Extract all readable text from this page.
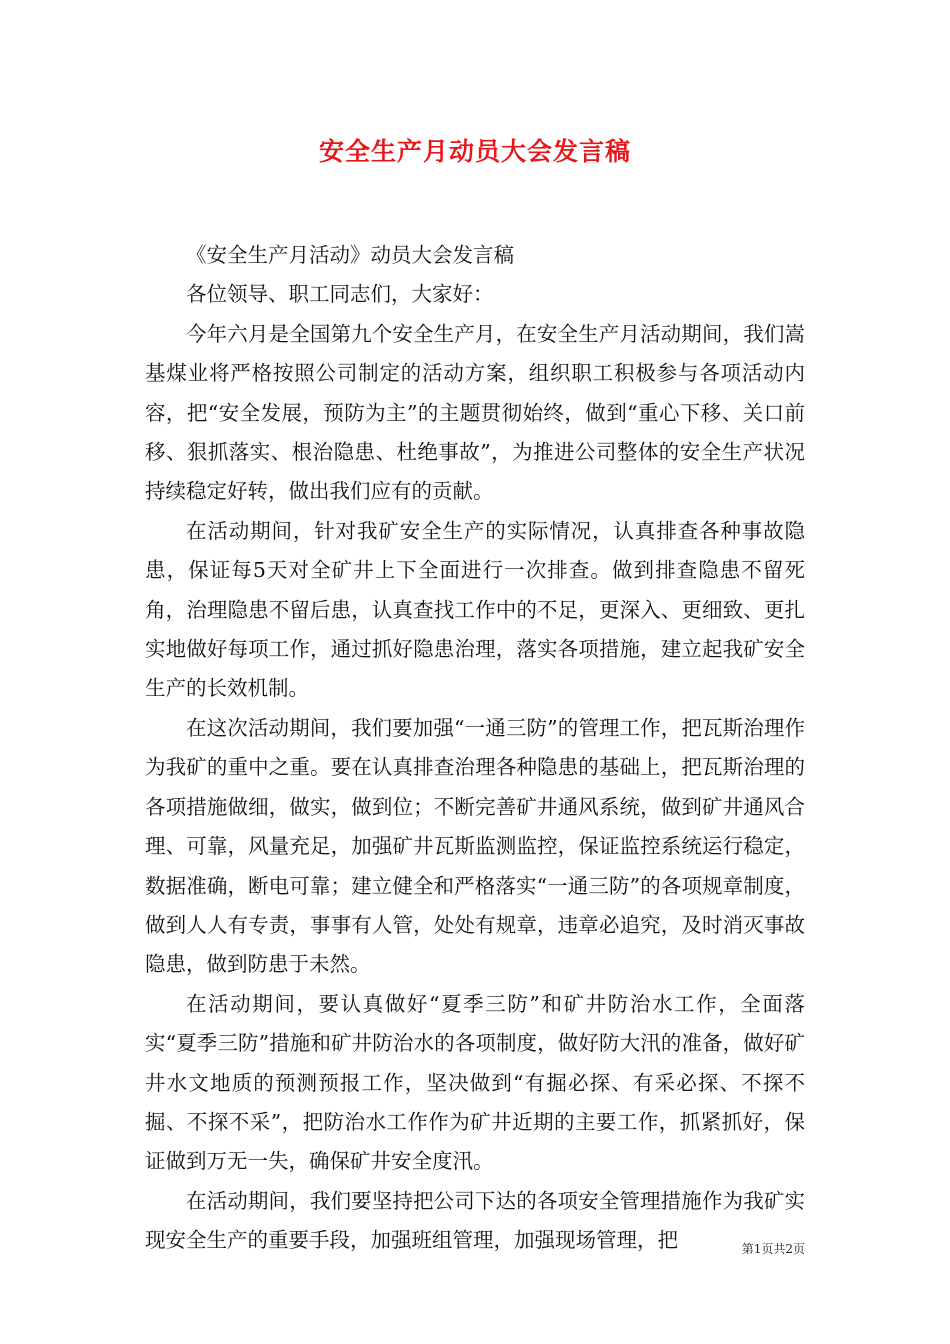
安全生产月动员大会发言稿

《安全生产月活动》动员大会发言稿

各位领导、职工同志们，大家好：

今年六月是全国第九个安全生产月，在安全生产月活动期间，我们嵩基煤业将严格按照公司制定的活动方案，组织职工积极参与各项活动内容，把“安全发展，预防为主”的主题贯彻始终，做到“重心下移、关口前移、狠抓落实、根治隐患、杜绝事故”，为推进公司整体的安全生产状况持续稳定好转，做出我们应有的贡献。

在活动期间，针对我矿安全生产的实际情况，认真排查各种事故隐患，保证每5天对全矿井上下全面进行一次排查。做到排查隐患不留死角，治理隐患不留后患，认真查找工作中的不足，更深入、更细致、更扎实地做好每项工作，通过抓好隐患治理，落实各项措施，建立起我矿安全生产的长效机制。

在这次活动期间，我们要加强“一通三防”的管理工作，把瓦斯治理作为我矿的重中之重。要在认真排查治理各种隐患的基础上，把瓦斯治理的各项措施做细，做实，做到位；不断完善矿井通风系统，做到矿井通风合理、可靠，风量充足，加强矿井瓦斯监测监控，保证监控系统运行稳定，数据准确，断电可靠；建立健全和严格落实“一通三防”的各项规章制度，做到人人有专责，事事有人管，处处有规章，违章必追究，及时消灭事故隐患，做到防患于未然。

在活动期间，要认真做好“夏季三防”和矿井防治水工作，全面落实“夏季三防”措施和矿井防治水的各项制度，做好防大汛的准备，做好矿井水文地质的预测预报工作，坚决做到“有掘必探、有采必探、不探不掘、不探不采”，把防治水工作作为矿井近期的主要工作，抓紧抓好，保证做到万无一失，确保矿井安全度汛。

在活动期间，我们要坚持把公司下达的各项安全管理措施作为我矿实现安全生产的重要手段，加强班组管理，加强现场管理，把	第1页共2页
